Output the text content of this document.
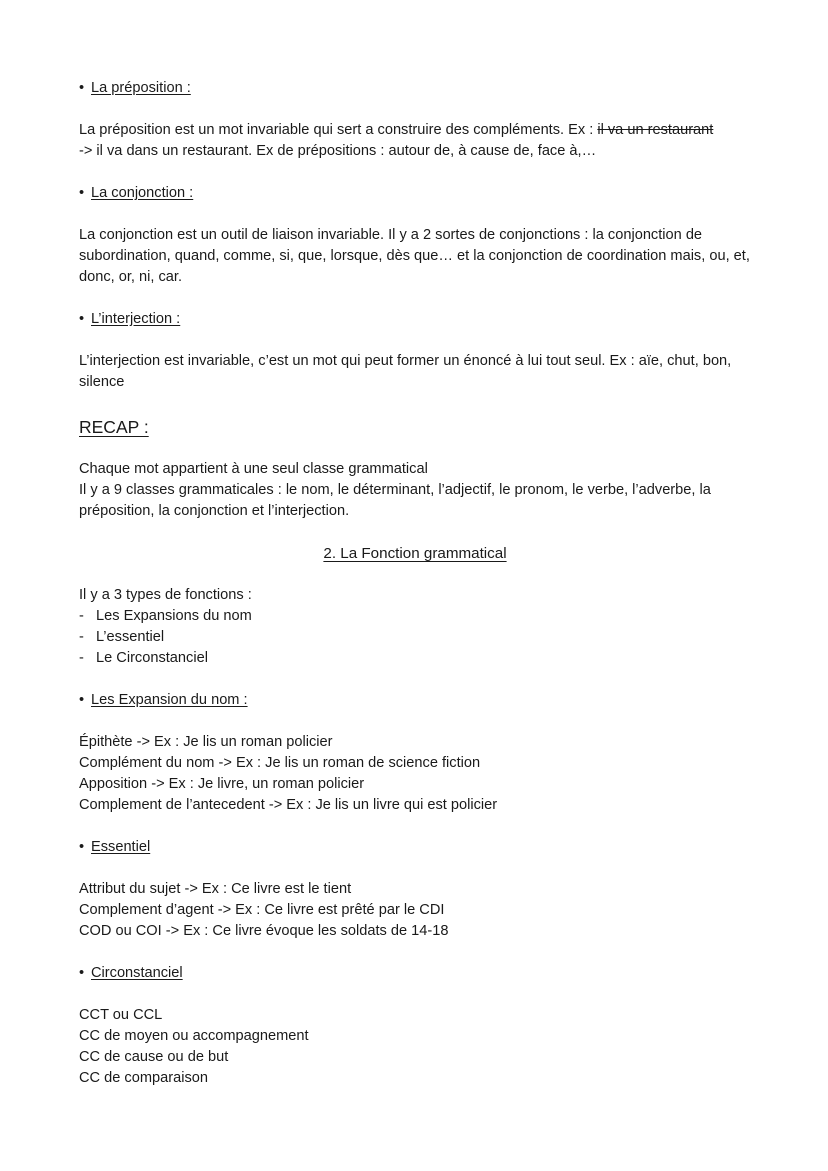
• La préposition :

La préposition est un mot invariable qui sert a construire des compléments. Ex : il va un restaurant
-> il va dans un restaurant. Ex de prépositions : autour de, à cause de, face à,…

• La conjonction :

La conjonction est un outil de liaison invariable. Il y a 2 sortes de conjonctions : la conjonction de subordination, quand, comme, si, que, lorsque, dès que… et la conjonction de coordination mais, ou, et, donc, or, ni, car.

• L’interjection :

L’interjection est invariable, c’est un mot qui peut former un énoncé à lui tout seul. Ex : aïe, chut, bon, silence

RECAP :

Chaque mot appartient à une seul classe grammatical

Il y a 9 classes grammaticales : le nom, le déterminant, l’adjectif, le pronom, le verbe, l’adverbe, la préposition, la conjonction et l’interjection.

2. La Fonction grammatical

Il y a 3 types de fonctions :

- Les Expansions du nom
- L’essentiel
- Le Circonstanciel

• Les Expansion du nom :

Épithète -> Ex : Je lis un roman policier

Complément du nom -> Ex : Je lis un roman de science fiction

Apposition -> Ex : Je livre, un roman policier

Complement de l’antecedent -> Ex : Je lis un livre qui est policier

• Essentiel

Attribut du sujet -> Ex : Ce livre est le tient

Complement d’agent -> Ex : Ce livre est prêté par le CDI

COD ou COI -> Ex : Ce livre évoque les soldats de 14-18

• Circonstanciel

CCT ou CCL

CC de moyen ou accompagnement

CC de cause ou de but

CC de comparaison
